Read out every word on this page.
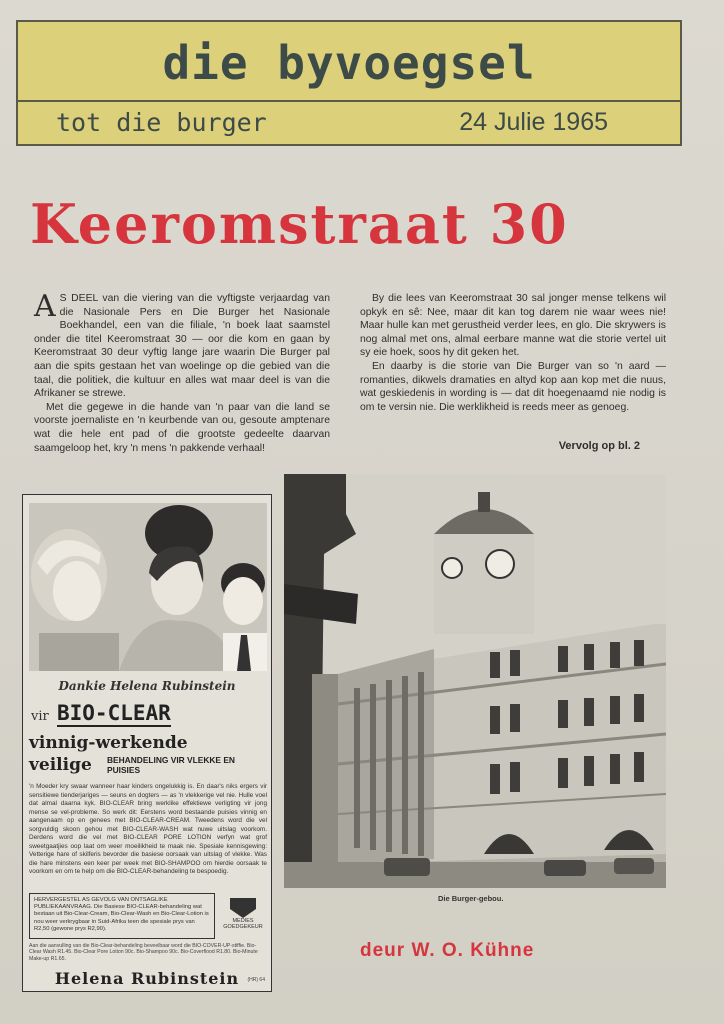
die byvoegsel
tot die burger	24 Julie 1965
Keeromstraat 30

A S DEEL van die viering van die vyftigste verjaardag van die Nasionale Pers en Die Burger het Nasionale Boekhandel, een van die filiale, 'n boek laat saamstel onder die titel Keeromstraat 30 — oor die kom en gaan by Keeromstraat 30 deur vyftig lange jare waarin Die Burger pal aan die spits gestaan het van woelinge op die gebied van die taal, die politiek, die kultuur en alles wat maar deel is van die Afrikaner se strewe.

Met die gegewe in die hande van 'n paar van die land se voorste joernaliste en 'n keurbende van ou, gesoute amptenare wat die hele ent pad of die grootste gedeelte daarvan saamgeloop het, kry 'n mens 'n pakkende verhaal!

By die lees van Keeromstraat 30 sal jonger mense telkens wil opkyk en sê: Nee, maar dit kan tog darem nie waar wees nie! Maar hulle kan met gerustheid verder lees, en glo. Die skrywers is nog almal met ons, almal eerbare manne wat die storie vertel uit sy eie hoek, soos hy dit geken het.

En daarby is die storie van Die Burger van so 'n aard — romanties, dikwels dramaties en altyd kop aan kop met die nuus, wat geskiedenis in wording is — dat dit hoegenaamd nie nodig is om te versin nie. Die werklikheid is reeds meer as genoeg.

Vervolg op bl. 2
Dankie Helena Rubinstein
vir BIO-CLEAR
vinnig-werkende
veilige BEHANDELING VIR VLEKKE EN PUISIES
'n Moeder kry swaar wanneer haar kinders ongelukkig is. En daar's niks ergers vir sensitiewe tienderjariges — seuns en dogters — as 'n vlekkerige vel nie. Hulle voel dat almal daarna kyk. BIO-CLEAR bring werklike effektiewe verligting vir jong mense se vel-probleme. So werk dit: Eerstens word bestaande puisies vinnig en aangenaam op en genees met BIO-CLEAR-CREAM. Tweedens word die vel sorgvuldig skoon gehou met BIO-CLEAR-WASH wat nuwe uitslag voorkom. Derdens word die vel met BIO-CLEAR PORE LOTION verfyn wat grof sweetgaatjies oop laat om weer moeilikheid te maak nie. Spesiale kennisgewing: Vetterige hare of skilferis bevorder die basiese oorsaak van uitslag of vlekke. Was die hare minstens een keer per week met BIO-SHAMPOO om hierdie oorsaak te voorkom en om te help om die BIO-CLEAR-behandeling te bespoedig.
HERVERGESTEL AS GEVOLG VAN ONTSAGLIKE PUBLIEKAANVRAAG. Die Basiese BIO-CLEAR-behandeling wat bestaan uit Bio-Clear-Cream, Bio-Clear-Wash en Bio-Clear-Lotion is nou weer verkrygbaar in Suid-Afrika teen die spesiale prys van R2,50 (gewone prys R2,90).
MEDIES GOEDGEKEUR
Aan die aanvulling van die Bio-Clear-behandeling beveelbaar word die BIO-COVER-UP-stiffie. Bio-Clear Wash R1.45. Bio-Clear Pore Lotion 90c. Bio-Shampoo 90c. Bio-Coverflood R1.80. Bio-Minute Make-up R1.65.
Helena Rubinstein	(HR) 64
Die Burger-gebou.
deur W. O. Kühne
